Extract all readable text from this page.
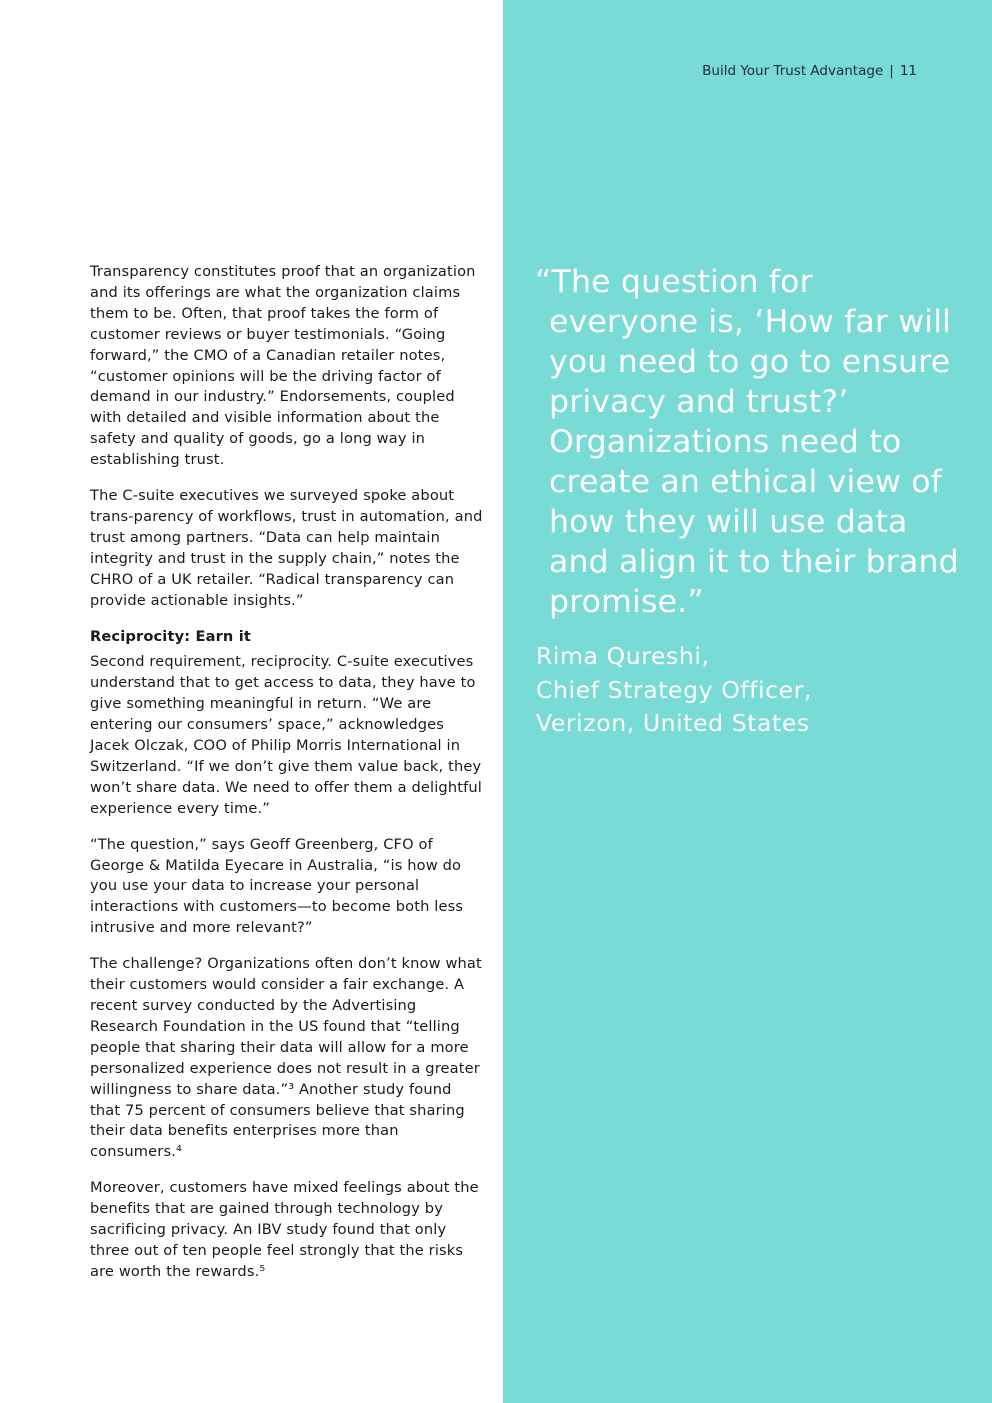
Transparency constitutes proof that an organization and its offerings are what the organization claims them to be. Often, that proof takes the form of customer reviews or buyer testimonials. “Going forward,” the CMO of a Canadian retailer notes, “customer opinions will be the driving factor of demand in our industry.” Endorsements, coupled with detailed and visible information about the safety and quality of goods, go a long way in establishing trust.

The C-suite executives we surveyed spoke about trans-parency of workflows, trust in automation, and trust among partners. “Data can help maintain integrity and trust in the supply chain,” notes the CHRO of a UK retailer. “Radical transparency can provide actionable insights.”

Reciprocity: Earn it

Second requirement, reciprocity. C-suite executives understand that to get access to data, they have to give something meaningful in return. “We are entering our consumers’ space,” acknowledges Jacek Olczak, COO of Philip Morris International in Switzerland. “If we don’t give them value back, they won’t share data. We need to offer them a delightful experience every time.”

“The question,” says Geoff Greenberg, CFO of George & Matilda Eyecare in Australia, “is how do you use your data to increase your personal interactions with customers—to become both less intrusive and more relevant?”

The challenge? Organizations often don’t know what their customers would consider a fair exchange. A recent survey conducted by the Advertising Research Foundation in the US found that “telling people that sharing their data will allow for a more personalized experience does not result in a greater willingness to share data.”³ Another study found that 75 percent of consumers believe that sharing their data benefits enterprises more than consumers.⁴

Moreover, customers have mixed feelings about the benefits that are gained through technology by sacrificing privacy. An IBV study found that only three out of ten people feel strongly that the risks are worth the rewards.⁵

Build Your Trust Advantage | 11

“The question for everyone is, ‘How far will you need to go to ensure privacy and trust?’ Organizations need to create an ethical view of how they will use data and align it to their brand promise.”

Rima Qureshi,
Chief Strategy Officer,
Verizon, United States
